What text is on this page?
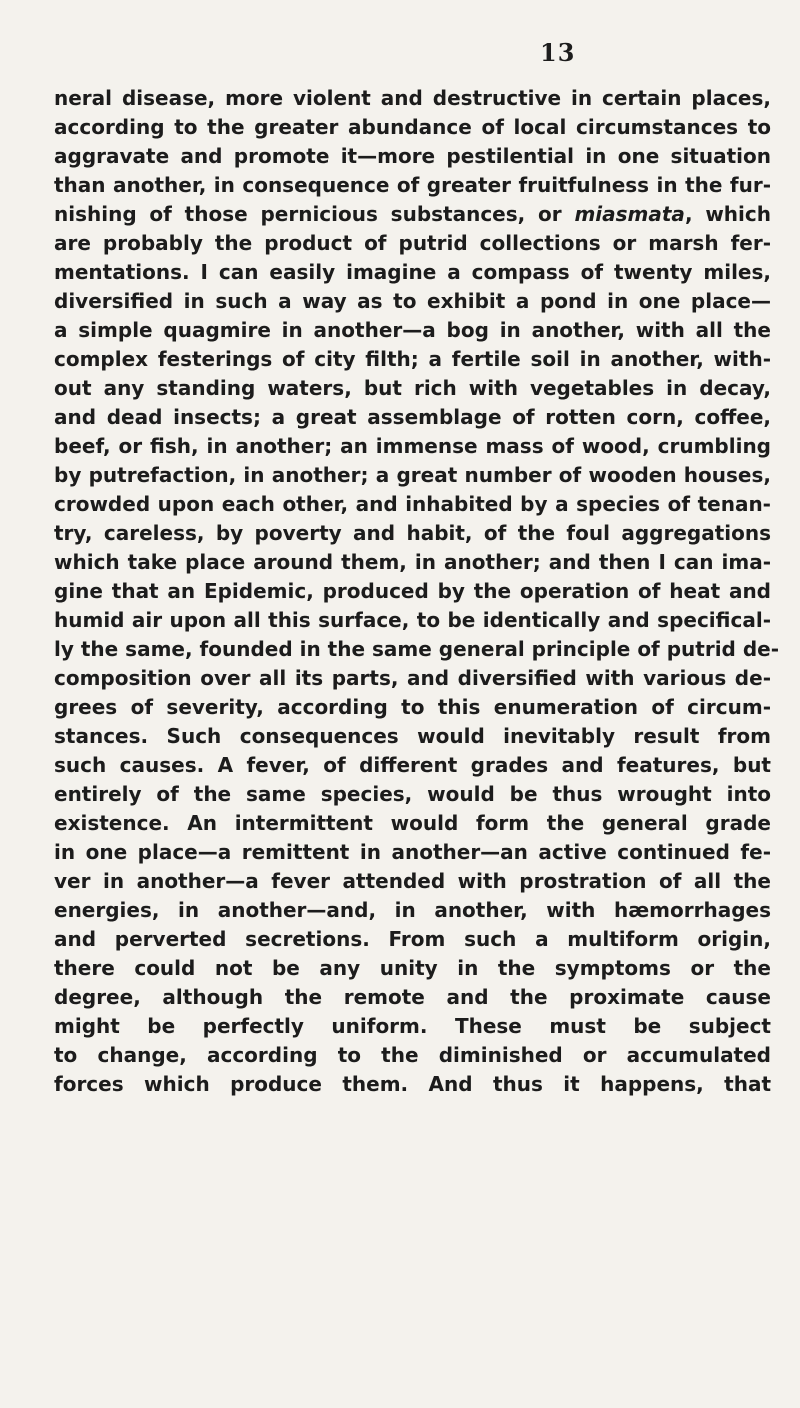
13
neral disease, more violent and destructive in certain places,
according to the greater abundance of local circumstances to
aggravate and promote it—more pestilential in one situation
than another, in consequence of greater fruitfulness in the fur-
nishing of those pernicious substances, or miasmata, which
are probably the product of putrid collections or marsh fer-
mentations. I can easily imagine a compass of twenty miles,
diversified in such a way as to exhibit a pond in one place—
a simple quagmire in another—a bog in another, with all the
complex festerings of city filth; a fertile soil in another, with-
out any standing waters, but rich with vegetables in decay,
and dead insects; a great assemblage of rotten corn, coffee,
beef, or fish, in another; an immense mass of wood, crumbling
by putrefaction, in another; a great number of wooden houses,
crowded upon each other, and inhabited by a species of tenan-
try, careless, by poverty and habit, of the foul aggregations
which take place around them, in another; and then I can ima-
gine that an Epidemic, produced by the operation of heat and
humid air upon all this surface, to be identically and specifical-
ly the same, founded in the same general principle of putrid de-
composition over all its parts, and diversified with various de-
grees of severity, according to this enumeration of circum-
stances. Such consequences would inevitably result from
such causes. A fever, of different grades and features, but
entirely of the same species, would be thus wrought into
existence. An intermittent would form the general grade
in one place—a remittent in another—an active continued fe-
ver in another—a fever attended with prostration of all the
energies, in another—and, in another, with hæmorrhages
and perverted secretions. From such a multiform origin,
there could not be any unity in the symptoms or the
degree, although the remote and the proximate cause
might be perfectly uniform. These must be subject
to change, according to the diminished or accumulated
forces which produce them. And thus it happens, that
